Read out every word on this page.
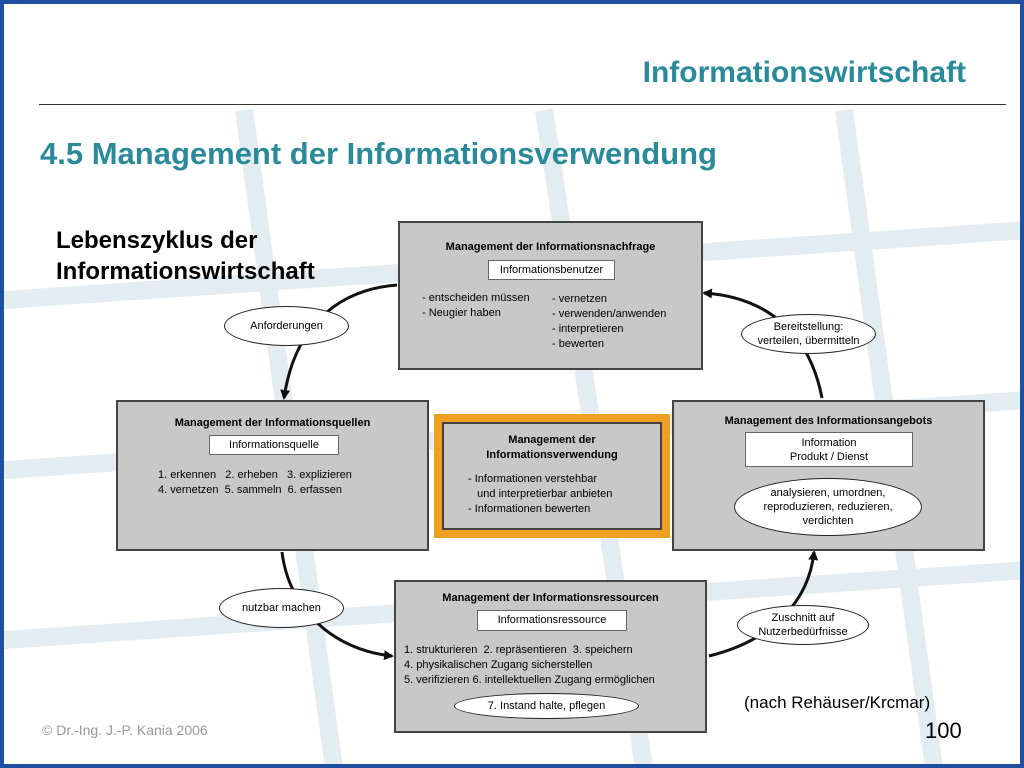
Informationswirtschaft
4.5 Management der Informationsverwendung
Lebenszyklus der
Informationswirtschaft
Management der Informationsnachfrage
Informationsbenutzer
- entscheiden müssen
- Neugier haben
- vernetzen
- verwenden/anwenden
- interpretieren
- bewerten
Management der Informationsquellen
Informationsquelle
1. erkennen   2. erheben   3. explizieren
4. vernetzen  5. sammeln  6. erfassen
Management der
Informationsverwendung
- Informationen verstehbar
und interpretierbar anbieten
- Informationen bewerten
Management des Informationsangebots
Information
Produkt / Dienst
analysieren, umordnen,
reproduzieren, reduzieren,
verdichten
Management der Informationsressourcen
Informationsressource
1. strukturieren  2. repräsentieren  3. speichern
4. physikalischen Zugang sicherstellen
5. verifizieren 6. intellektuellen Zugang ermöglichen
7. Instand halte, pflegen
Anforderungen	Bereitstellung:
verteilen, übermitteln
nutzbar machen
Zuschnitt auf
Nutzerbedürfnisse
(nach Rehäuser/Krcmar)
© Dr.-Ing. J.-P. Kania 2006	100
